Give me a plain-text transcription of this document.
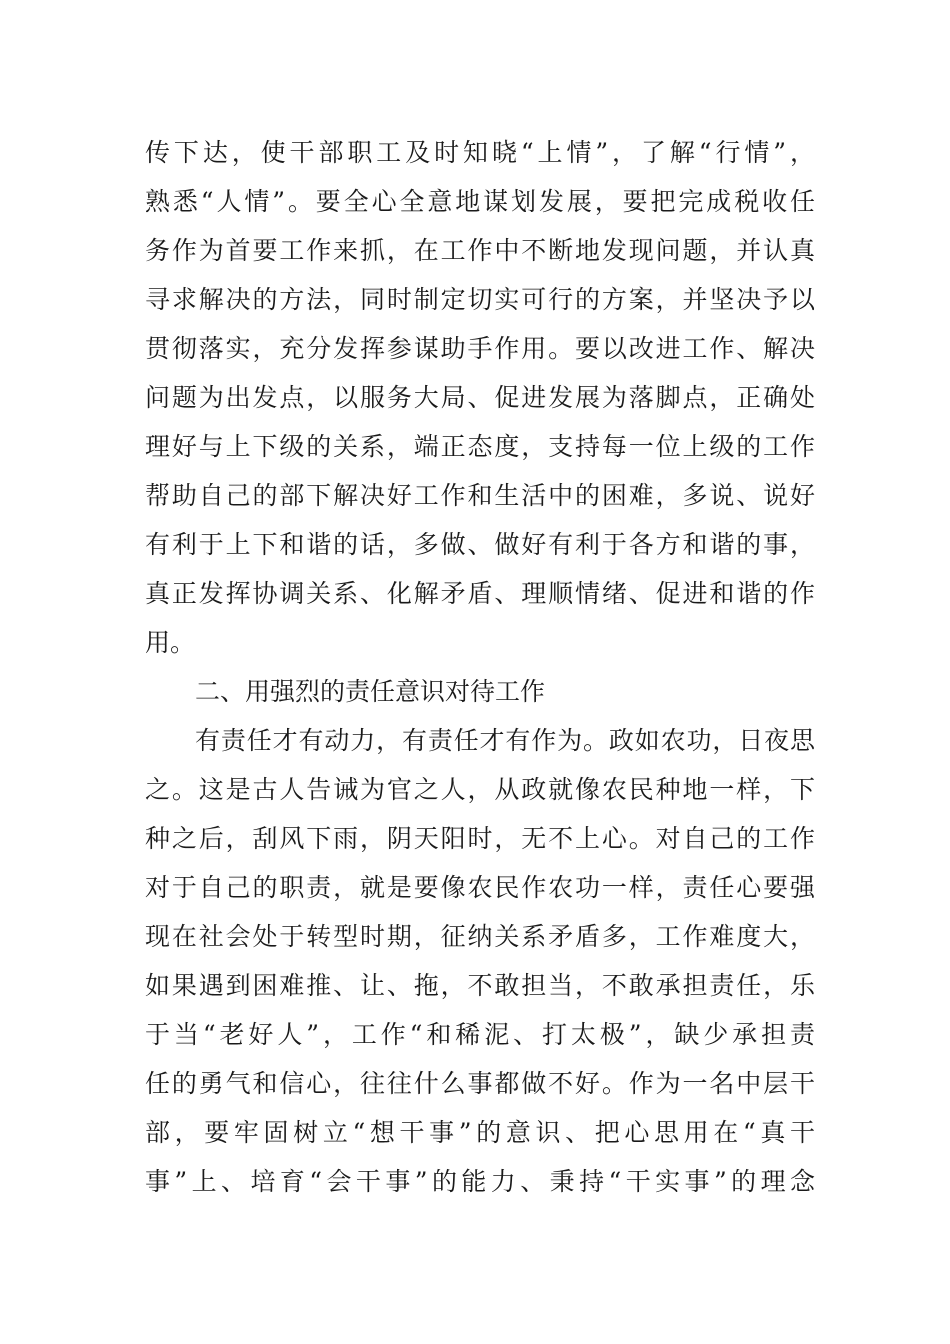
传下达，使干部职工及时知晓“上情”，了解“行情”，
熟悉“人情”。要全心全意地谋划发展，要把完成税收任
务作为首要工作来抓，在工作中不断地发现问题，并认真
寻求解决的方法，同时制定切实可行的方案，并坚决予以
贯彻落实，充分发挥参谋助手作用。要以改进工作、解决
问题为出发点，以服务大局、促进发展为落脚点，正确处
理好与上下级的关系，端正态度，支持每一位上级的工作
帮助自己的部下解决好工作和生活中的困难，多说、说好
有利于上下和谐的话，多做、做好有利于各方和谐的事，
真正发挥协调关系、化解矛盾、理顺情绪、促进和谐的作
用。
二、用强烈的责任意识对待工作
有责任才有动力，有责任才有作为。政如农功，日夜思
之。这是古人告诫为官之人，从政就像农民种地一样，下
种之后，刮风下雨，阴天阳时，无不上心。对自己的工作
对于自己的职责，就是要像农民作农功一样，责任心要强
现在社会处于转型时期，征纳关系矛盾多，工作难度大，
如果遇到困难推、让、拖，不敢担当，不敢承担责任，乐
于当“老好人”，工作“和稀泥、打太极”，缺少承担责
任的勇气和信心，往往什么事都做不好。作为一名中层干
部，要牢固树立“想干事”的意识、把心思用在“真干
事”上、培育“会干事”的能力、秉持“干实事”的理念
